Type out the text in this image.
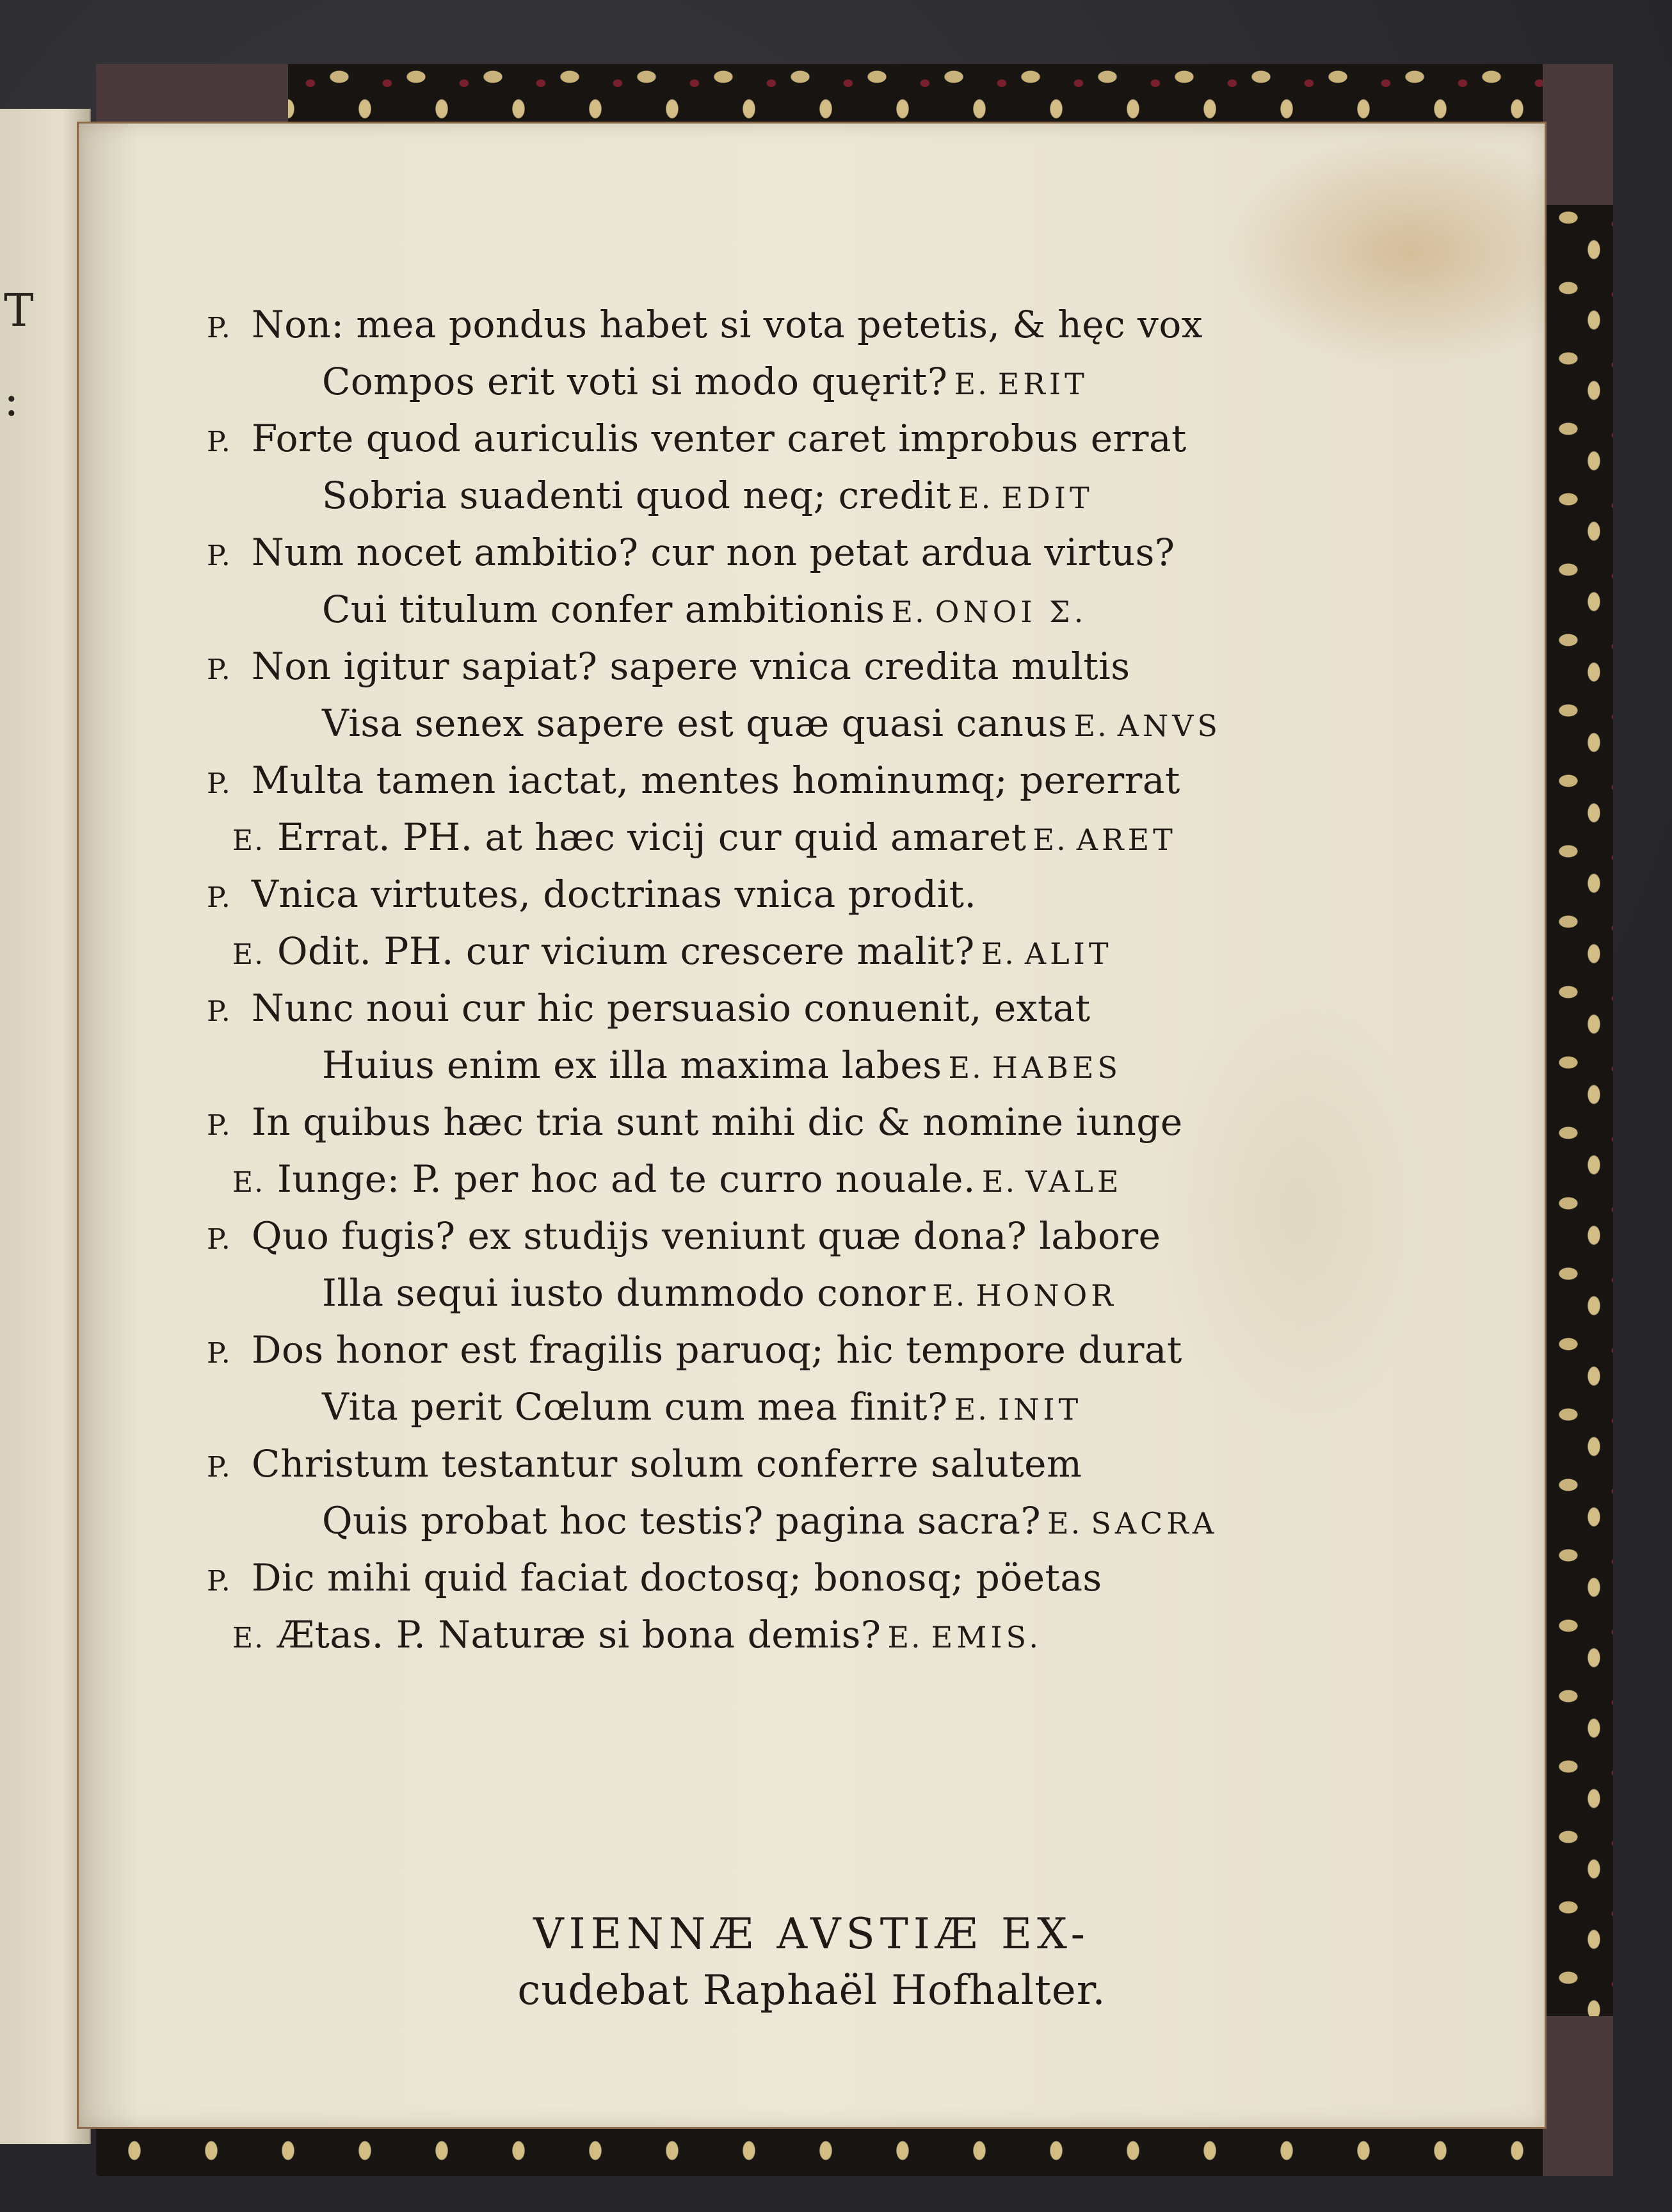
T
:
P. Non: mea pondus habet si vota petetis, & hęc vox
Compos erit voti si modo quęrit? E. ERIT
P. Forte quod auriculis venter caret improbus errat
Sobria suadenti quod neq; credit E. EDIT
P. Num nocet ambitio? cur non petat ardua virtus?
Cui titulum confer ambitionis E. ONOI Σ.
P. Non igitur sapiat? sapere vnica credita multis
Visa senex sapere est quæ quasi canus E. ANVS
P. Multa tamen iactat, mentes hominumq; pererrat
E. Errat. PH. at hæc vicij cur quid amaret E. ARET
P. Vnica virtutes, doctrinas vnica prodit.
E. Odit. PH. cur vicium crescere malit? E. ALIT
P. Nunc noui cur hic persuasio conuenit, extat
Huius enim ex illa maxima labes E. HABES
P. In quibus hæc tria sunt mihi dic & nomine iunge
E. Iunge: P. per hoc ad te curro nouale. E. VALE
P. Quo fugis? ex studijs veniunt quæ dona? labore
Illa sequi iusto dummodo conor E. HONOR
P. Dos honor est fragilis paruoq; hic tempore durat
Vita perit Cœlum cum mea finit? E. INIT
P. Christum testantur solum conferre salutem
Quis probat hoc testis? pagina sacra? E. SACRA
P. Dic mihi quid faciat doctosq; bonosq; pöetas
E. Ætas. P. Naturæ si bona demis? E. EMIS.
VIENNÆ AVSTIÆ EX-
cudebat Raphaël Hofhalter.
